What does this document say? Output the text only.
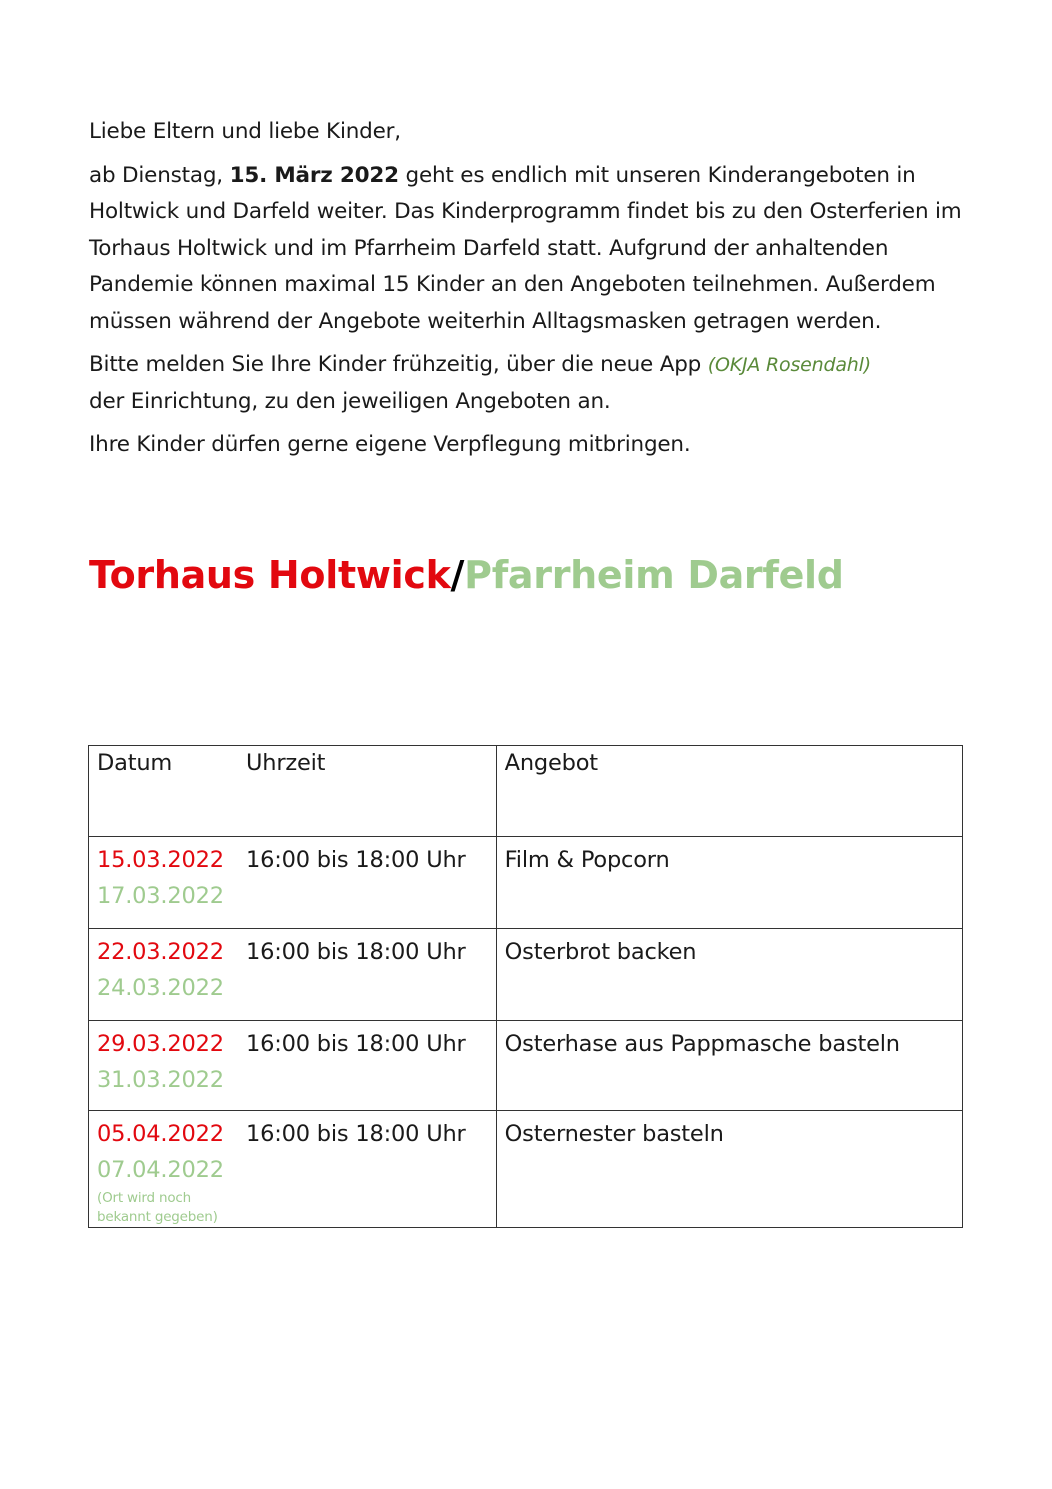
Liebe Eltern und liebe Kinder,

ab Dienstag, 15. März 2022 geht es endlich mit unseren Kinderangeboten in Holtwick und Darfeld weiter. Das Kinderprogramm findet bis zu den Osterferien im Torhaus Holtwick und im Pfarrheim Darfeld statt. Aufgrund der anhaltenden Pandemie können maximal 15 Kinder an den Angeboten teilnehmen. Außerdem müssen während der Angebote weiterhin Alltagsmasken getragen werden.

Bitte melden Sie Ihre Kinder frühzeitig, über die neue App (OKJA Rosendahl)
der Einrichtung, zu den jeweiligen Angeboten an.

Ihre Kinder dürfen gerne eigene Verpflegung mitbringen.

Torhaus Holtwick/Pfarrheim Darfeld
Datum Uhrzeit	Angebot

15.03.2022
17.03.2022
16:00 bis 18:00 Uhr	Film & Popcorn

22.03.2022
24.03.2022
16:00 bis 18:00 Uhr	Osterbrot backen

29.03.2022
31.03.2022
16:00 bis 18:00 Uhr	Osterhase aus Pappmasche basteln

05.04.2022
07.04.2022
(Ort wird noch
bekannt gegeben)
16:00 bis 18:00 Uhr	Osternester basteln
